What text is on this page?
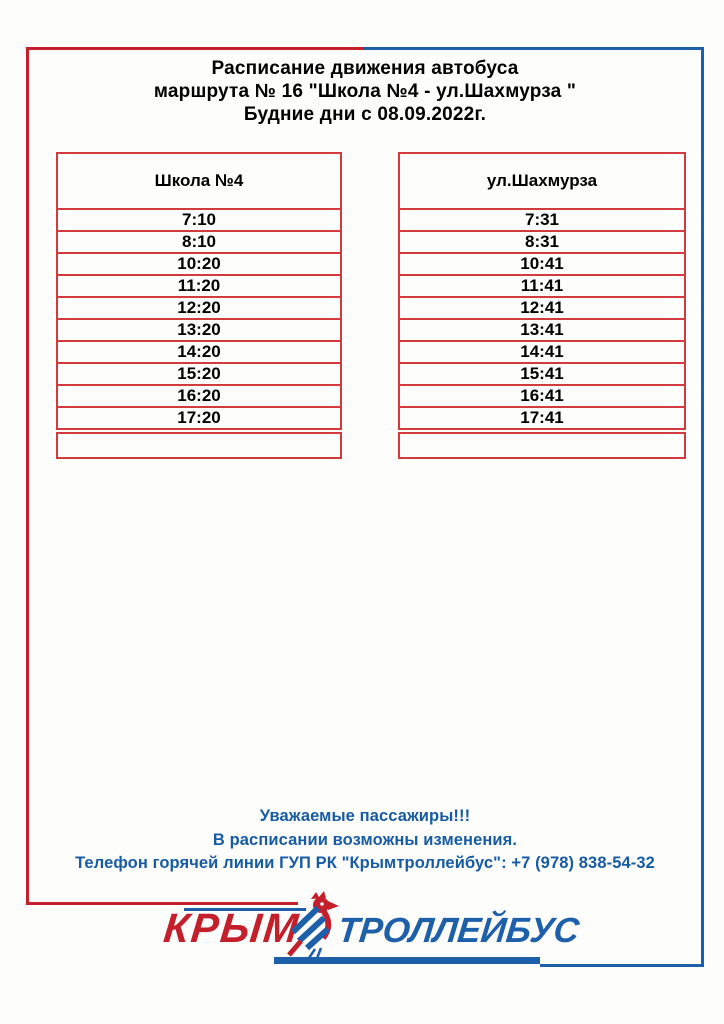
Расписание движения автобуса
маршрута № 16 "Школа №4 - ул.Шахмурза "
Будние дни с 08.09.2022г.
Школа №4
7:10
8:10
10:20
11:20
12:20
13:20
14:20
15:20
16:20
17:20
ул.Шахмурза
7:31
8:31
10:41
11:41
12:41
13:41
14:41
15:41
16:41
17:41
Уважаемые пассажиры!!!
В расписании возможны изменения.
Телефон горячей линии ГУП РК "Крымтроллейбус": +7 (978) 838-54-32
КРЫМ ТРОЛЛЕЙБУС
